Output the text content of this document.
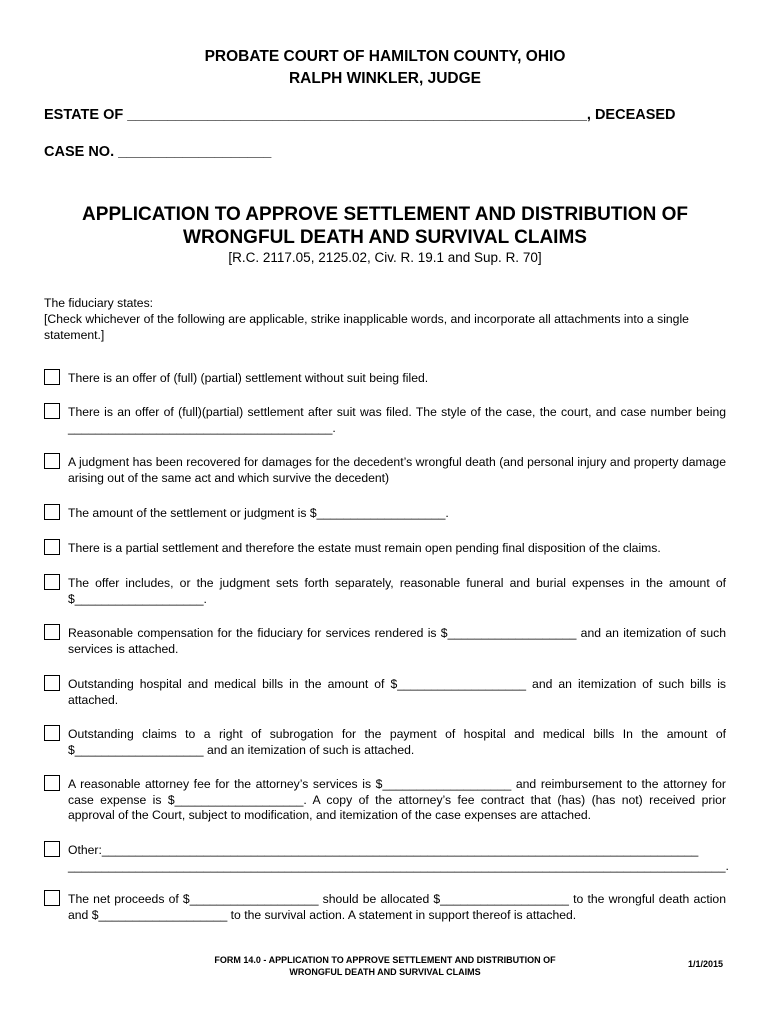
PROBATE COURT OF HAMILTON COUNTY, OHIO
RALPH WINKLER, JUDGE
ESTATE OF _________________________________________________________, DECEASED
CASE NO. ___________________
APPLICATION TO APPROVE SETTLEMENT AND DISTRIBUTION OF
WRONGFUL DEATH AND SURVIVAL CLAIMS
[R.C. 2117.05, 2125.02, Civ. R. 19.1 and Sup. R. 70]
The fiduciary states:
[Check whichever of the following are applicable, strike inapplicable words, and incorporate all attachments into a single statement.]
There is an offer of (full) (partial) settlement without suit being filed.
There is an offer of (full)(partial) settlement after suit was filed. The style of the case, the court, and case number being _______________________________________.
A judgment has been recovered for damages for the decedent’s wrongful death (and personal injury and property damage arising out of the same act and which survive the decedent)
The amount of the settlement or judgment is $___________________.
There is a partial settlement and therefore the estate must remain open pending final disposition of the claims.
The offer includes, or the judgment sets forth separately, reasonable funeral and burial expenses in the amount of $___________________.
Reasonable compensation for the fiduciary for services rendered is $___________________ and an itemization of such services is attached.
Outstanding hospital and medical bills in the amount of $___________________ and an itemization of such bills is attached.
Outstanding claims to a right of subrogation for the payment of hospital and medical bills In the amount of $___________________ and an itemization of such is attached.
A reasonable attorney fee for the attorney’s services is $___________________ and reimbursement to the attorney for case expense is $___________________. A copy of the attorney’s fee contract that (has) (has not) received prior approval of the Court, subject to modification, and itemization of the case expenses are attached.
Other:________________________________________________________________________________________ _________________________________________________________________________________________________.
The net proceeds of $___________________ should be allocated $___________________ to the wrongful death action and $___________________ to the survival action. A statement in support thereof is attached.
FORM 14.0 - APPLICATION TO APPROVE SETTLEMENT AND DISTRIBUTION OF
WRONGFUL DEATH AND SURVIVAL CLAIMS
1/1/2015
